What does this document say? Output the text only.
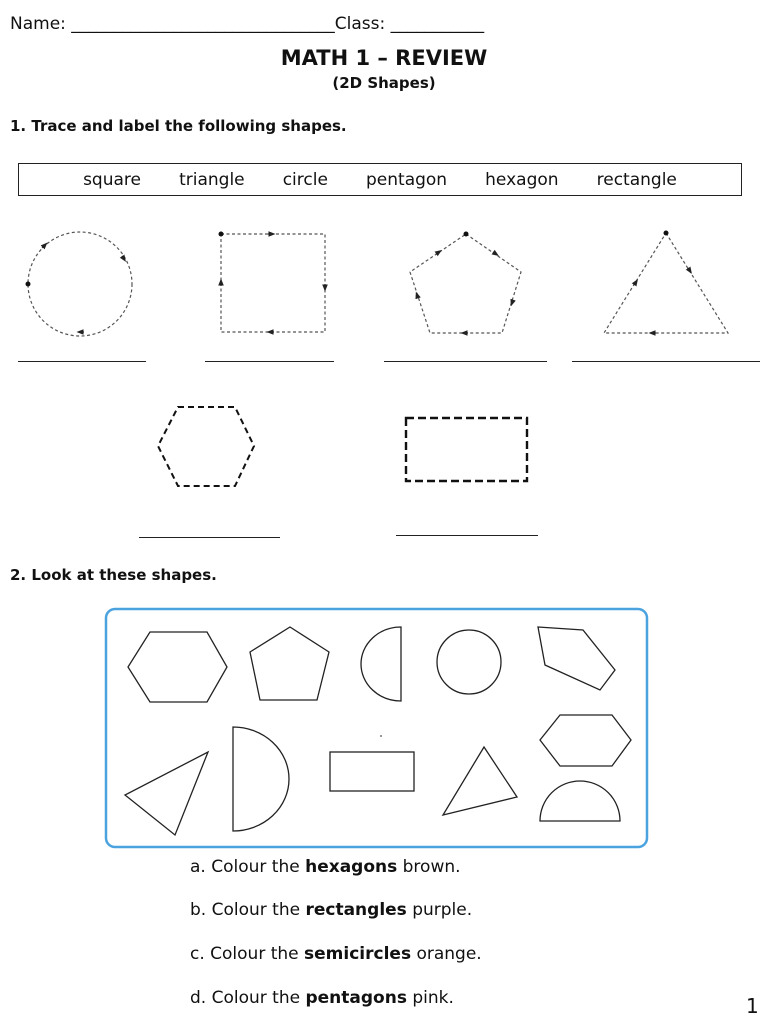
Name: _______________________________Class: ___________
MATH 1 – REVIEW
(2D Shapes)
1. Trace and label the following shapes.
square triangle circle pentagon hexagon rectangle
2. Look at these shapes.
a. Colour the hexagons brown.
b. Colour the rectangles purple.
c. Colour the semicircles orange.
d. Colour the pentagons pink.	1
